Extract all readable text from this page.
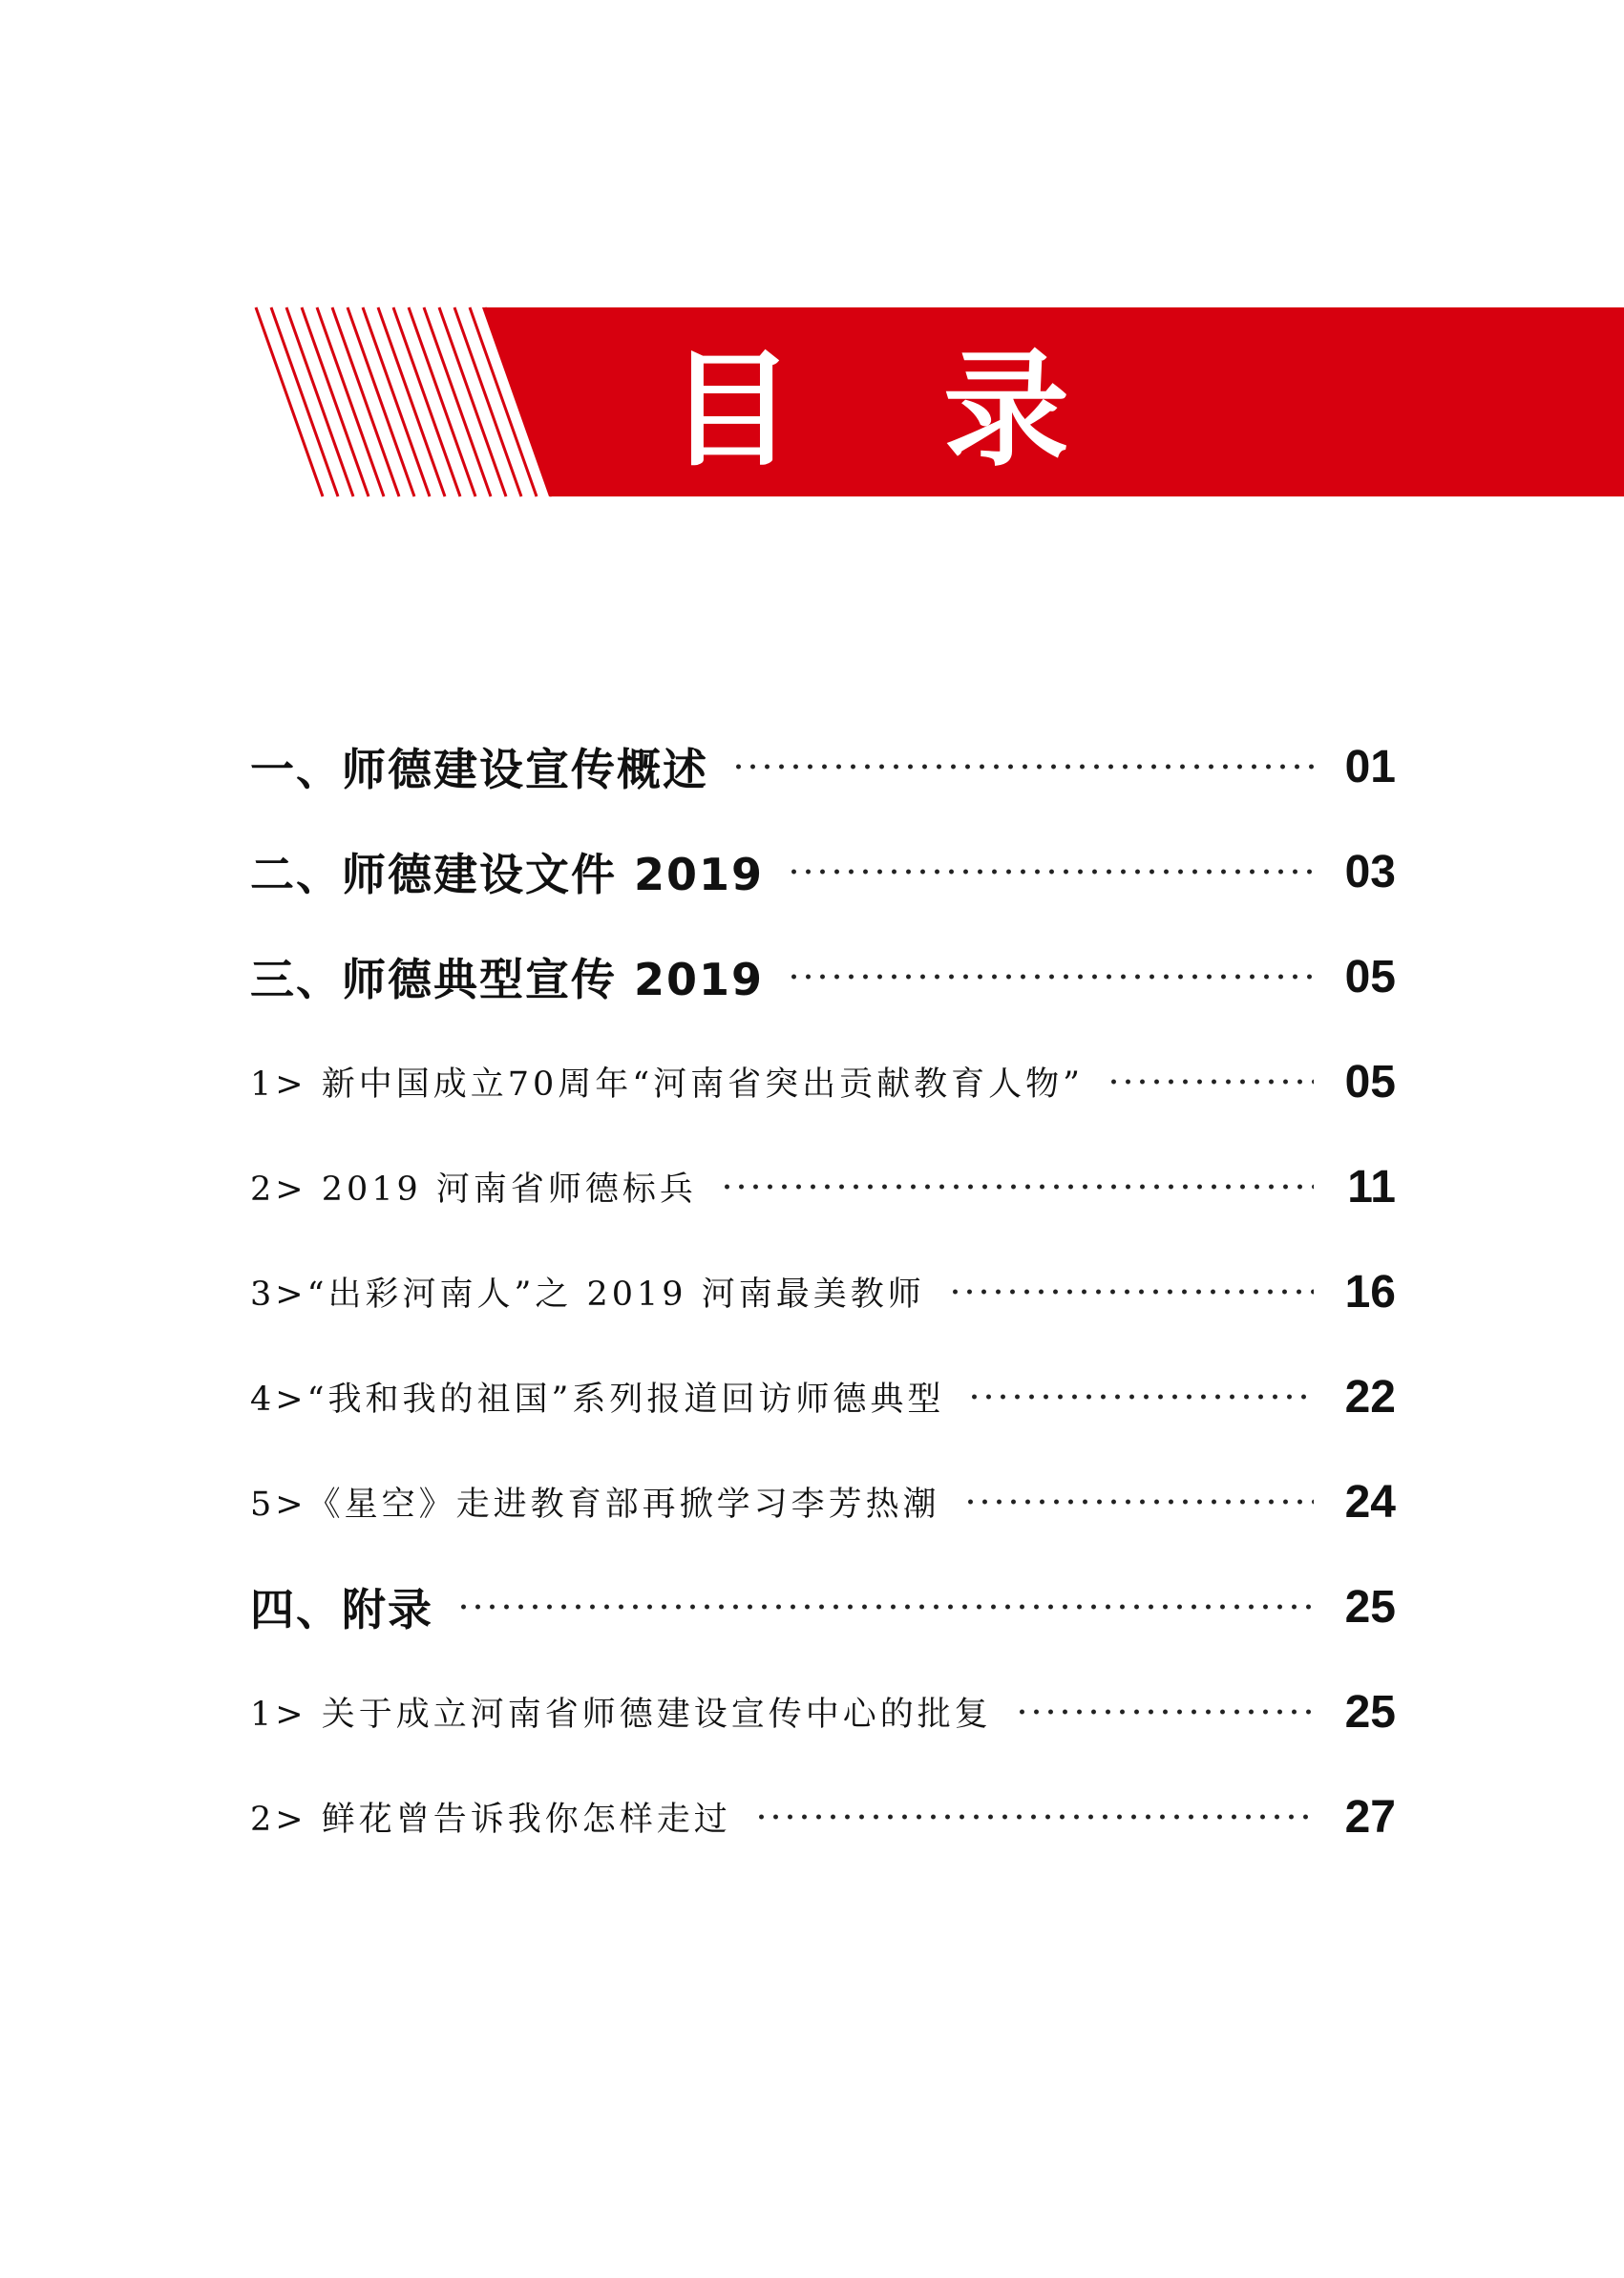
目 录
一、师德建设宣传概述	01
二、师德建设文件 2019	03
三、师德典型宣传 2019	05
1> 新中国成立70周年“河南省突出贡献教育人物”	05
2> 2019 河南省师德标兵	11
3>“出彩河南人”之 2019 河南最美教师	16
4>“我和我的祖国”系列报道回访师德典型	22
5>《星空》走进教育部再掀学习李芳热潮	24
四、附录	25
1> 关于成立河南省师德建设宣传中心的批复	25
2> 鲜花曾告诉我你怎样走过	27
